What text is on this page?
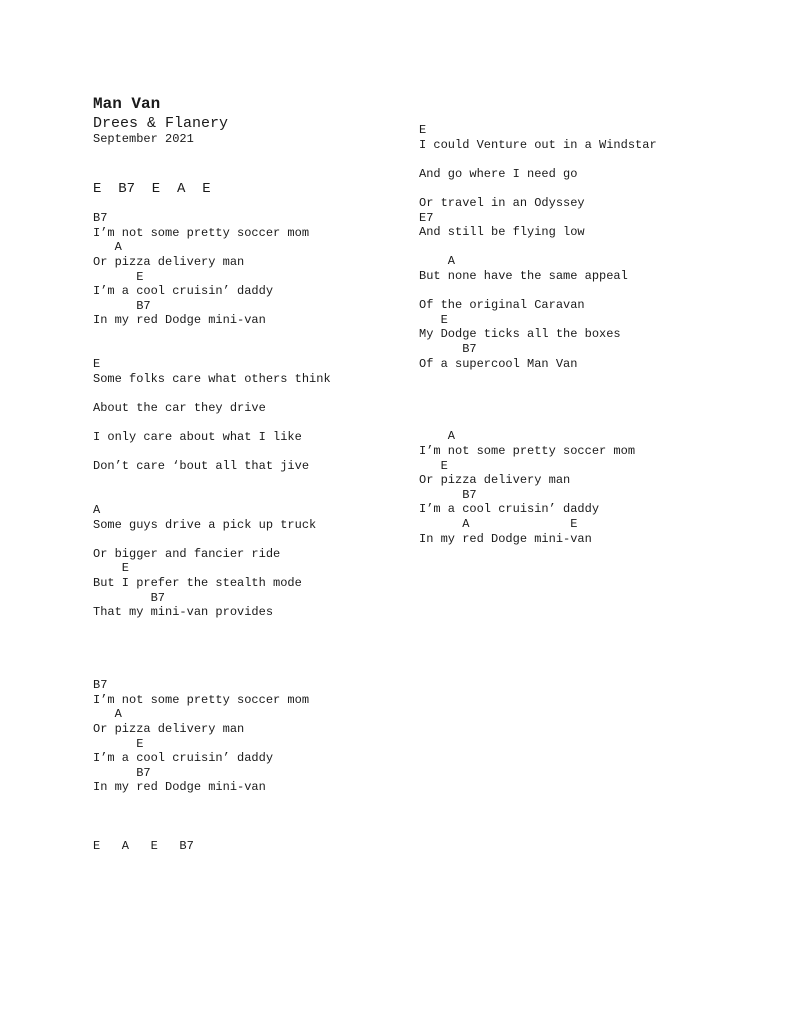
Man Van
Drees & Flanery
September 2021
E  B7  E  A  E

B7
I’m not some pretty soccer mom
A
Or pizza delivery man
E
I’m a cool cruisin’ daddy
B7
In my red Dodge mini-van

E
Some folks care what others think

About the car they drive

I only care about what I like

Don’t care ‘bout all that jive

A
Some guys drive a pick up truck

Or bigger and fancier ride
E
But I prefer the stealth mode
B7
That my mini-van provides

B7
I’m not some pretty soccer mom
A
Or pizza delivery man
E
I’m a cool cruisin’ daddy
B7
In my red Dodge mini-van

E   A   E   B7
E
I could Venture out in a Windstar

And go where I need go

Or travel in an Odyssey
E7
And still be flying low

A
But none have the same appeal

Of the original Caravan
E
My Dodge ticks all the boxes
B7
Of a supercool Man Van

A
I’m not some pretty soccer mom
E
Or pizza delivery man
B7
I’m a cool cruisin’ daddy
A              E
In my red Dodge mini-van
